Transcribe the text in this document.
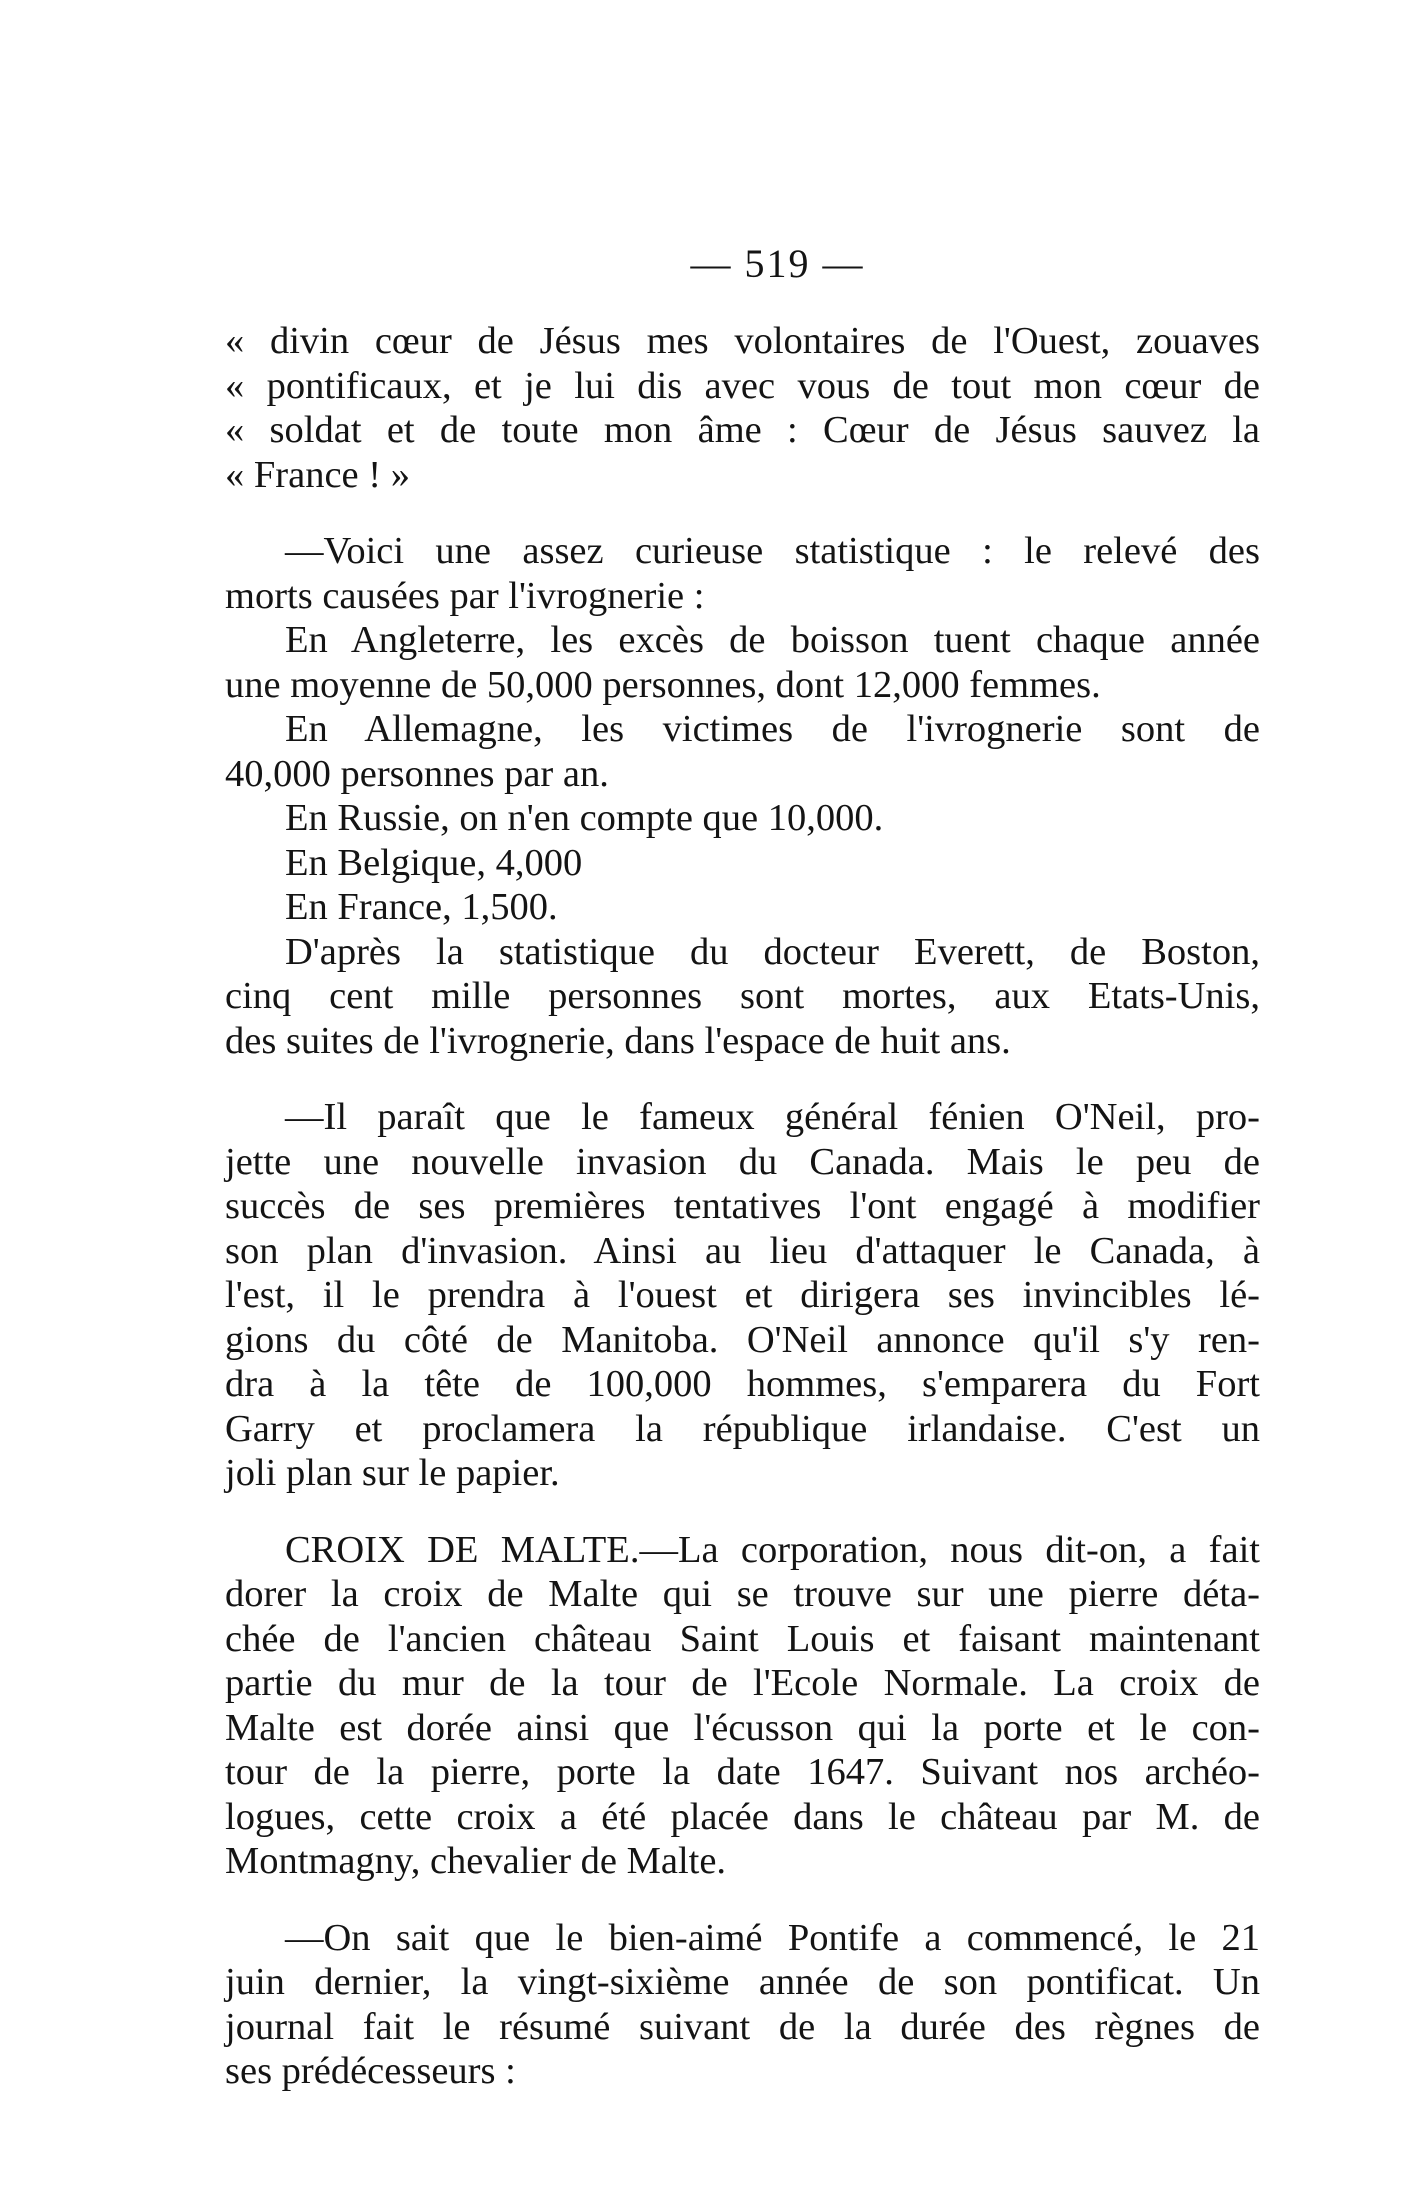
— 519 —
« divin cœur de Jésus mes volontaires de l'Ouest, zouaves
« pontificaux, et je lui dis avec vous de tout mon cœur de
« soldat et de toute mon âme : Cœur de Jésus sauvez la
« France ! »
—Voici une assez curieuse statistique : le relevé des
morts causées par l'ivrognerie :
En Angleterre, les excès de boisson tuent chaque année
une moyenne de 50,000 personnes, dont 12,000 femmes.
En Allemagne, les victimes de l'ivrognerie sont de
40,000 personnes par an.
En Russie, on n'en compte que 10,000.
En Belgique, 4,000
En France, 1,500.
D'après la statistique du docteur Everett, de Boston,
cinq cent mille personnes sont mortes, aux Etats-Unis,
des suites de l'ivrognerie, dans l'espace de huit ans.
—Il paraît que le fameux général fénien O'Neil, pro-
jette une nouvelle invasion du Canada. Mais le peu de
succès de ses premières tentatives l'ont engagé à modifier
son plan d'invasion. Ainsi au lieu d'attaquer le Canada, à
l'est, il le prendra à l'ouest et dirigera ses invincibles lé-
gions du côté de Manitoba. O'Neil annonce qu'il s'y ren-
dra à la tête de 100,000 hommes, s'emparera du Fort
Garry et proclamera la république irlandaise. C'est un
joli plan sur le papier.
CROIX DE MALTE.—La corporation, nous dit-on, a fait
dorer la croix de Malte qui se trouve sur une pierre déta-
chée de l'ancien château Saint Louis et faisant maintenant
partie du mur de la tour de l'Ecole Normale. La croix de
Malte est dorée ainsi que l'écusson qui la porte et le con-
tour de la pierre, porte la date 1647. Suivant nos archéo-
logues, cette croix a été placée dans le château par M. de
Montmagny, chevalier de Malte.
—On sait que le bien-aimé Pontife a commencé, le 21
juin dernier, la vingt-sixième année de son pontificat. Un
journal fait le résumé suivant de la durée des règnes de
ses prédécesseurs :
